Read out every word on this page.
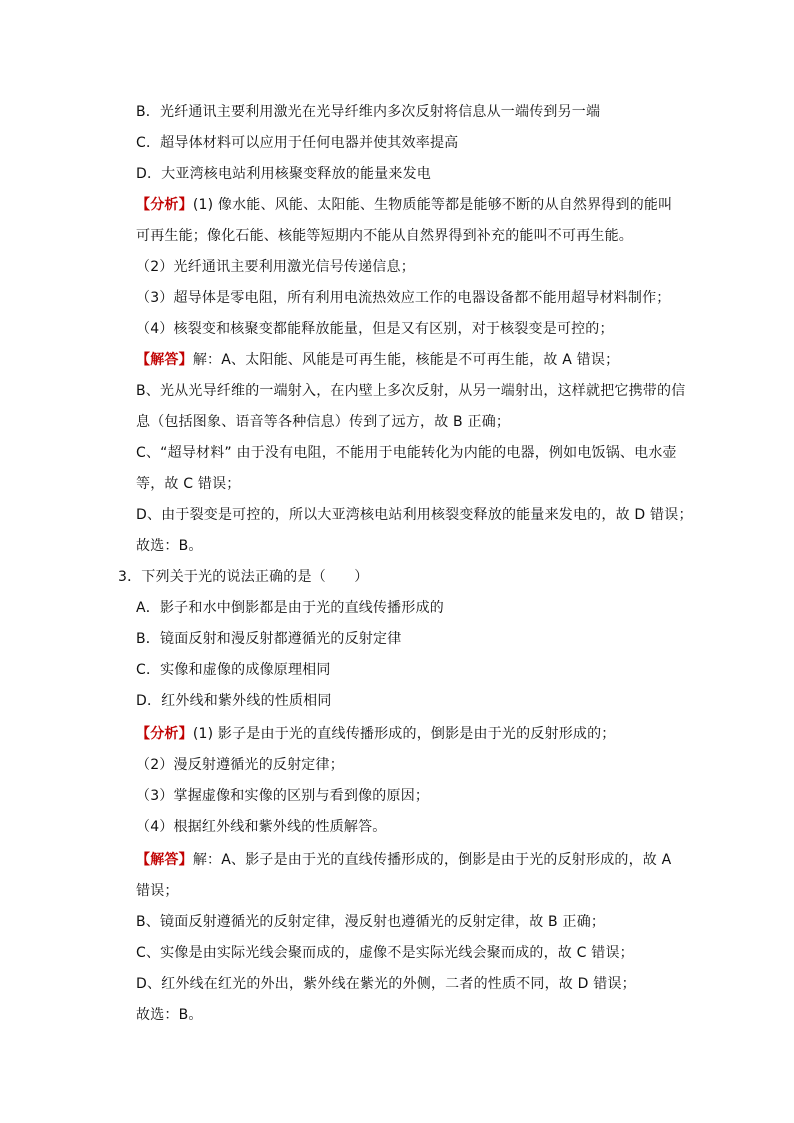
B．光纤通讯主要利用激光在光导纤维内多次反射将信息从一端传到另一端
C．超导体材料可以应用于任何电器并使其效率提高
D．大亚湾核电站利用核聚变释放的能量来发电
【分析】(1) 像水能、风能、太阳能、生物质能等都是能够不断的从自然界得到的能叫
可再生能；像化石能、核能等短期内不能从自然界得到补充的能叫不可再生能。
（2）光纤通讯主要利用激光信号传递信息；
（3）超导体是零电阻，所有利用电流热效应工作的电器设备都不能用超导材料制作；
（4）核裂变和核聚变都能释放能量，但是又有区别，对于核裂变是可控的；
【解答】解：A、太阳能、风能是可再生能，核能是不可再生能，故 A 错误；
B、光从光导纤维的一端射入，在内壁上多次反射，从另一端射出，这样就把它携带的信
息（包括图象、语音等各种信息）传到了远方，故 B 正确；
C、“超导材料” 由于没有电阻，不能用于电能转化为内能的电器，例如电饭锅、电水壶
等，故 C 错误；
D、由于裂变是可控的，所以大亚湾核电站利用核裂变释放的能量来发电的，故 D 错误；
故选：B。
3．下列关于光的说法正确的是（　　）
A．影子和水中倒影都是由于光的直线传播形成的
B．镜面反射和漫反射都遵循光的反射定律
C．实像和虚像的成像原理相同
D．红外线和紫外线的性质相同
【分析】(1) 影子是由于光的直线传播形成的，倒影是由于光的反射形成的；
（2）漫反射遵循光的反射定律；
（3）掌握虚像和实像的区别与看到像的原因；
（4）根据红外线和紫外线的性质解答。
【解答】解：A、影子是由于光的直线传播形成的，倒影是由于光的反射形成的，故 A
错误；
B、镜面反射遵循光的反射定律，漫反射也遵循光的反射定律，故 B 正确；
C、实像是由实际光线会聚而成的，虚像不是实际光线会聚而成的，故 C 错误；
D、红外线在红光的外出，紫外线在紫光的外侧，二者的性质不同，故 D 错误；
故选：B。
